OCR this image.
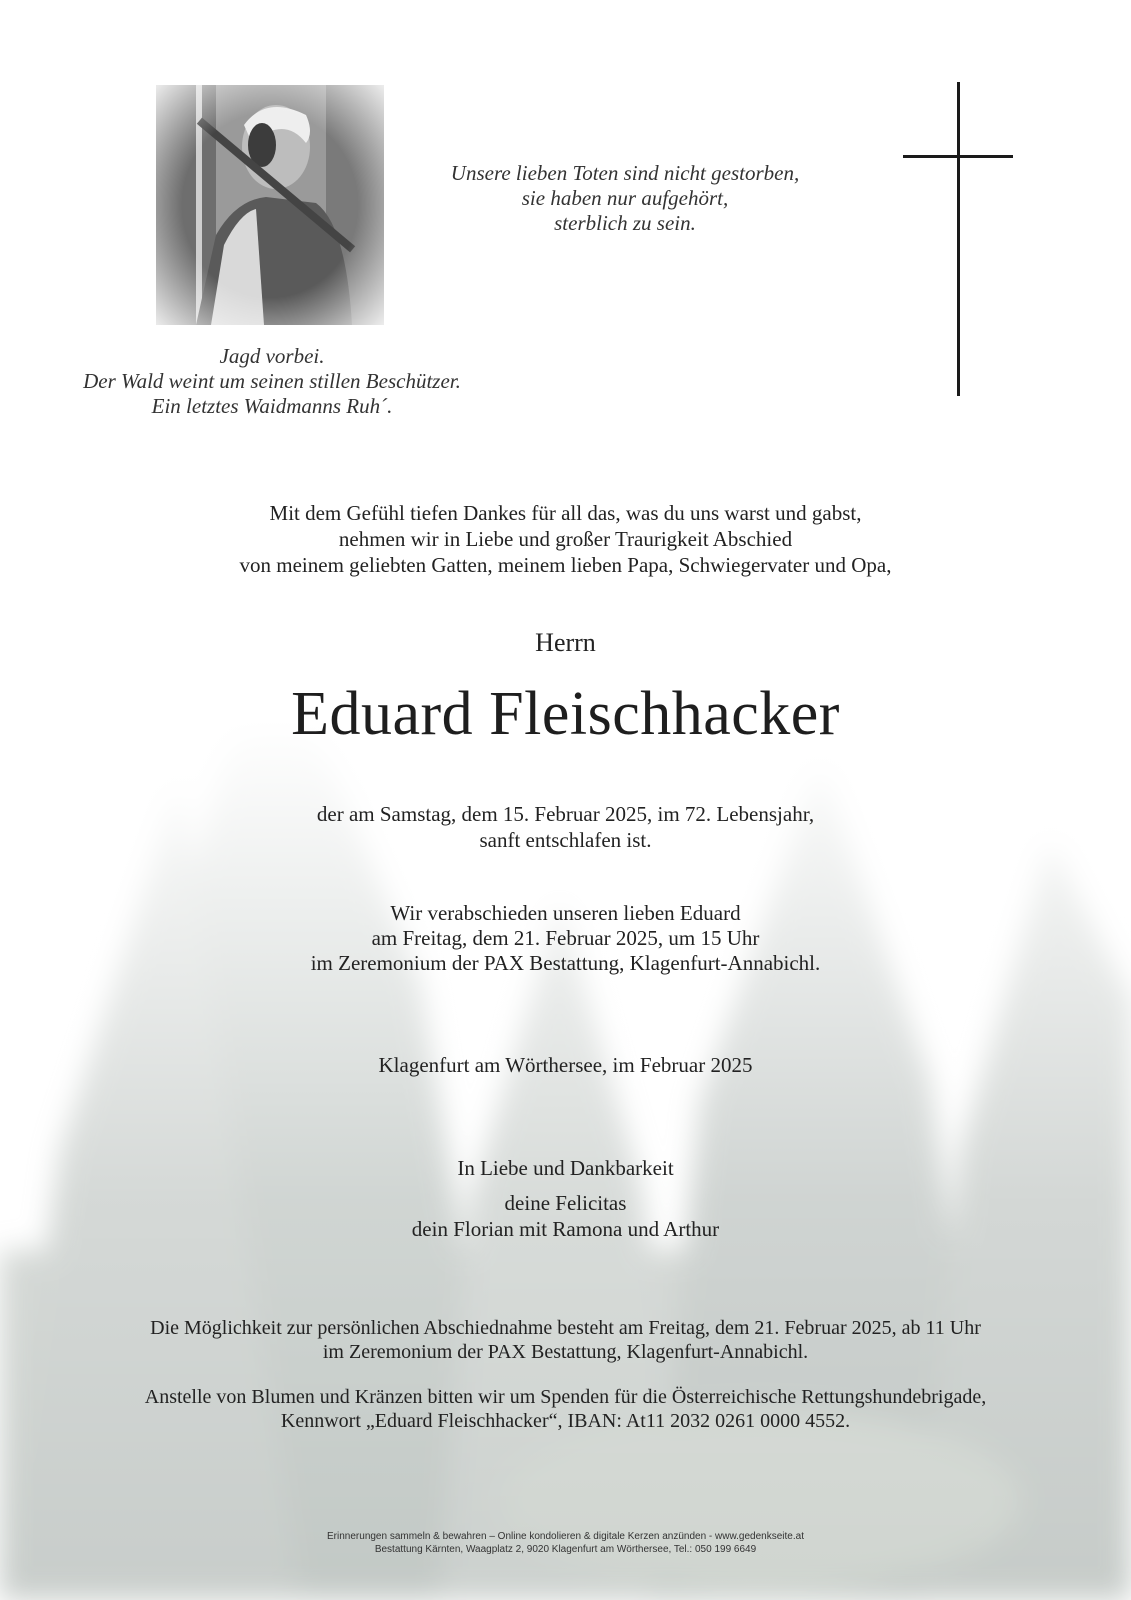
Unsere lieben Toten sind nicht gestorben,
sie haben nur aufgehört,
sterblich zu sein.
Jagd vorbei.
Der Wald weint um seinen stillen Beschützer.
Ein letztes Waidmanns Ruh´.
Mit dem Gefühl tiefen Dankes für all das, was du uns warst und gabst,
nehmen wir in Liebe und großer Traurigkeit Abschied
von meinem geliebten Gatten, meinem lieben Papa, Schwiegervater und Opa,
Herrn
Eduard Fleischhacker
der am Samstag, dem 15. Februar 2025, im 72. Lebensjahr,
sanft entschlafen ist.
Wir verabschieden unseren lieben Eduard
am Freitag, dem 21. Februar 2025, um 15 Uhr
im Zeremonium der PAX Bestattung, Klagenfurt-Annabichl.
Klagenfurt am Wörthersee, im Februar 2025
In Liebe und Dankbarkeit
deine Felicitas
dein Florian mit Ramona und Arthur
Die Möglichkeit zur persönlichen Abschiednahme besteht am Freitag, dem 21. Februar 2025, ab 11 Uhr
im Zeremonium der PAX Bestattung, Klagenfurt-Annabichl.
Anstelle von Blumen und Kränzen bitten wir um Spenden für die Österreichische Rettungshundebrigade,
Kennwort „Eduard Fleischhacker“, IBAN: At11 2032 0261 0000 4552.
Erinnerungen sammeln & bewahren – Online kondolieren & digitale Kerzen anzünden - www.gedenkseite.at
Bestattung Kärnten, Waagplatz 2, 9020 Klagenfurt am Wörthersee, Tel.: 050 199 6649
